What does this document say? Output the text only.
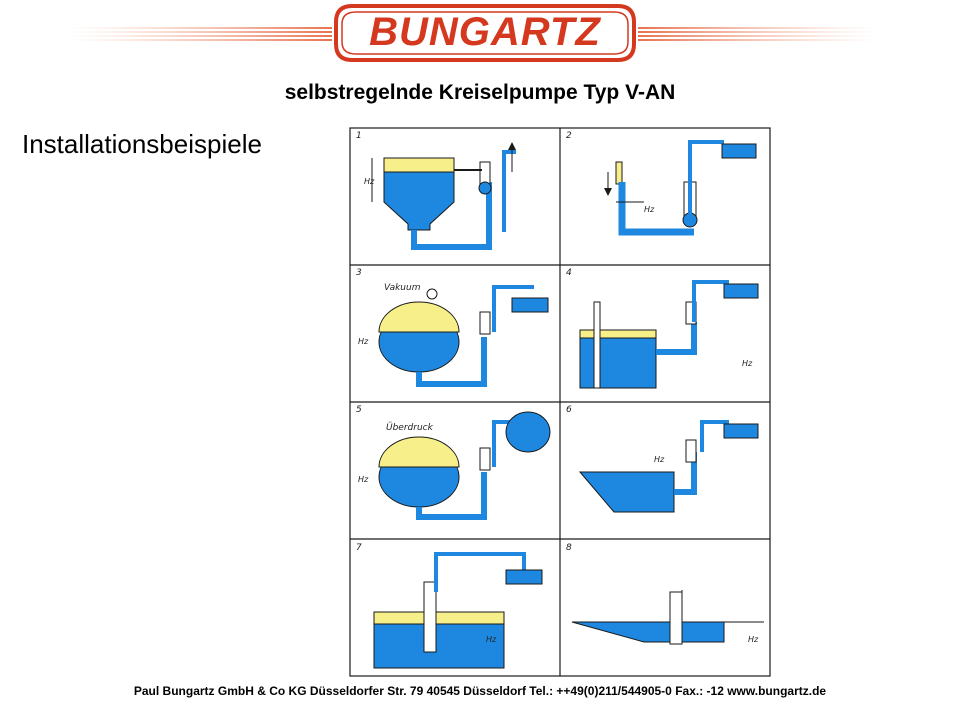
BUNGARTZ
selbstregelnde Kreiselpumpe Typ V-AN
Installationsbeispiele	1
Hz
2
Hz
3
Vakuum
Hz
4
Hz
5
Überdruck
Hz
6
Hz
7
Hz
8
Hz
Paul Bungartz GmbH & Co KG Düsseldorfer Str. 79 40545 Düsseldorf Tel.: ++49(0)211/544905-0 Fax.: -12 www.bungartz.de
